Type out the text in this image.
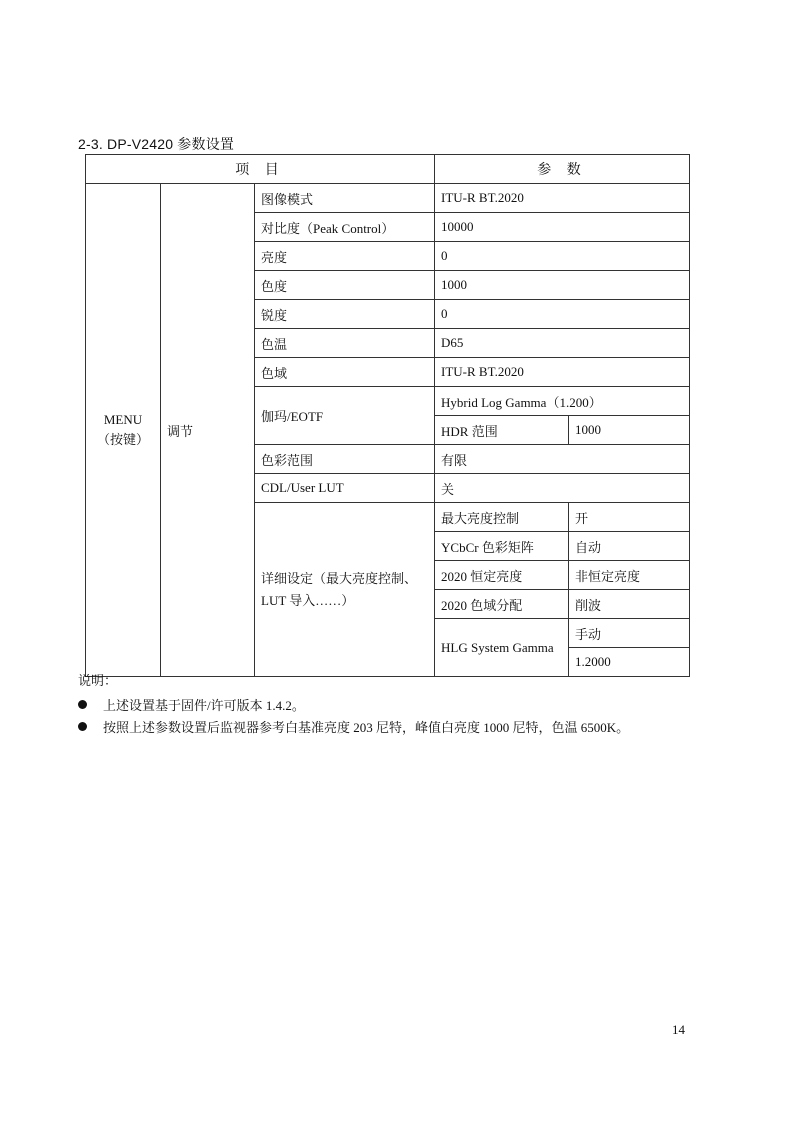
2-3. DP-V2420 参数设置
项 目			参 数	

MENU
（按键）	调节	图像模式	ITU-R BT.2020	
		对比度（Peak Control）	10000	
		亮度	0	
		色度	1000	
		锐度	0	
		色温	D65	
		色域	ITU-R BT.2020	
		伽玛/EOTF	Hybrid Log Gamma（1.200）	
			HDR 范围	1000
		色彩范围	有限	
		CDL/User LUT	关	
		详细设定（最大亮度控制、LUT 导入……）	最大亮度控制	开
			YCbCr 色彩矩阵	自动
			2020 恒定亮度	非恒定亮度
			2020 色域分配	削波
			HLG System Gamma	手动
				1.2000
说明：
上述设置基于固件/许可版本 1.4.2。
按照上述参数设置后监视器参考白基准亮度 203 尼特，峰值白亮度 1000 尼特，色温 6500K。
14
